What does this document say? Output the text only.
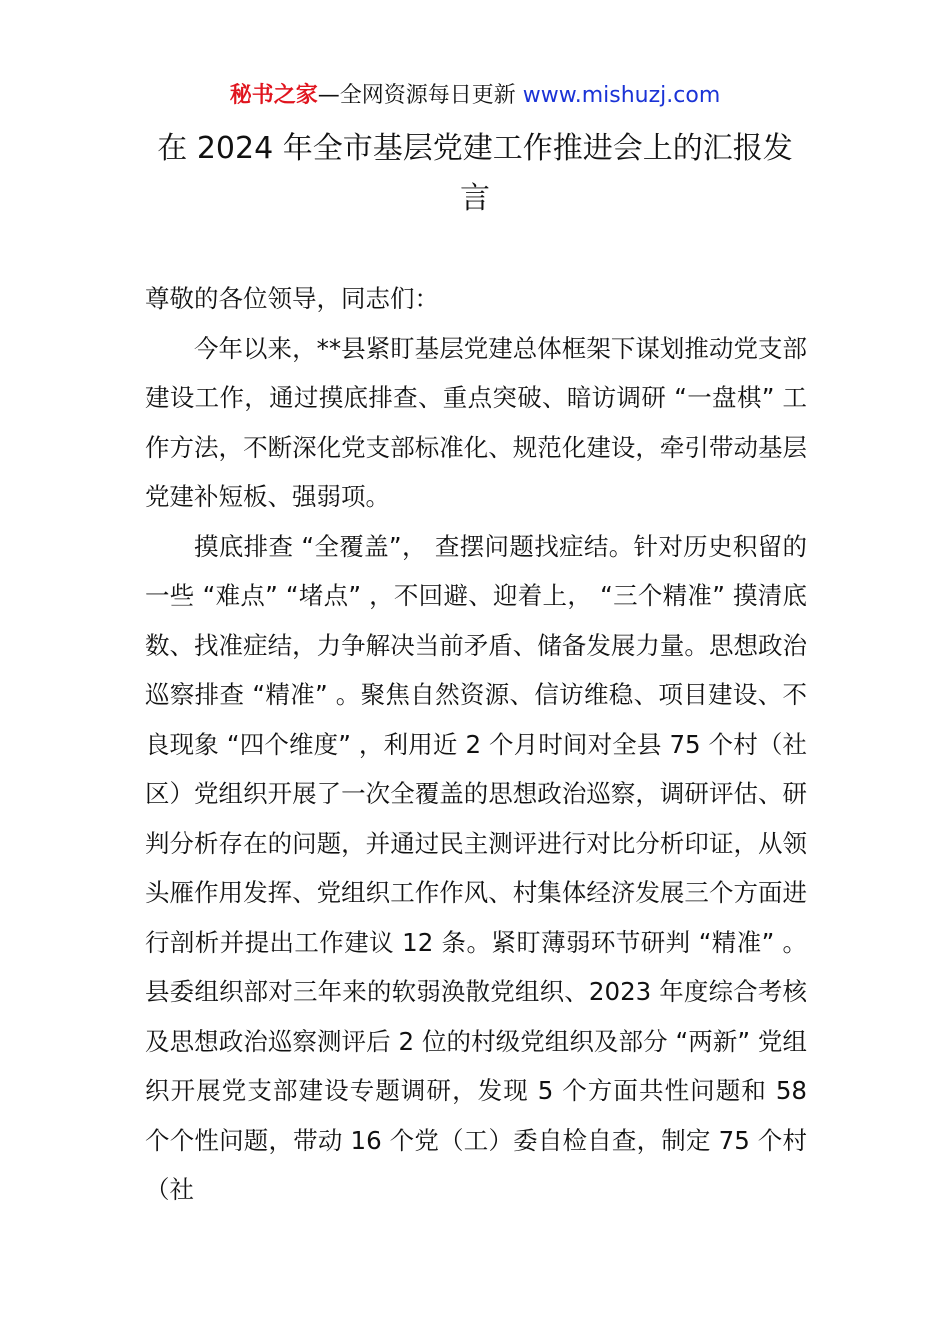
秘书之家—全网资源每日更新 www.mishuzj.com
在 2024 年全市基层党建工作推进会上的汇报发言

尊敬的各位领导，同志们：

今年以来，**县紧盯基层党建总体框架下谋划推动党支部建设工作，通过摸底排查、重点突破、暗访调研 “一盘棋” 工作方法，不断深化党支部标准化、规范化建设，牵引带动基层党建补短板、强弱项。

摸底排查 “全覆盖”， 查摆问题找症结。针对历史积留的一些 “难点” “堵点” ，不回避、迎着上， “三个精准” 摸清底数、找准症结，力争解决当前矛盾、储备发展力量。思想政治巡察排查 “精准” 。聚焦自然资源、信访维稳、项目建设、不良现象 “四个维度” ，利用近 2 个月时间对全县 75 个村（社区）党组织开展了一次全覆盖的思想政治巡察，调研评估、研判分析存在的问题，并通过民主测评进行对比分析印证，从领头雁作用发挥、党组织工作作风、村集体经济发展三个方面进行剖析并提出工作建议 12 条。紧盯薄弱环节研判 “精准” 。县委组织部对三年来的软弱涣散党组织、2023 年度综合考核及思想政治巡察测评后 2 位的村级党组织及部分 “两新” 党组织开展党支部建设专题调研，发现 5 个方面共性问题和 58 个个性问题，带动 16 个党（工）委自检自查，制定 75 个村（社
